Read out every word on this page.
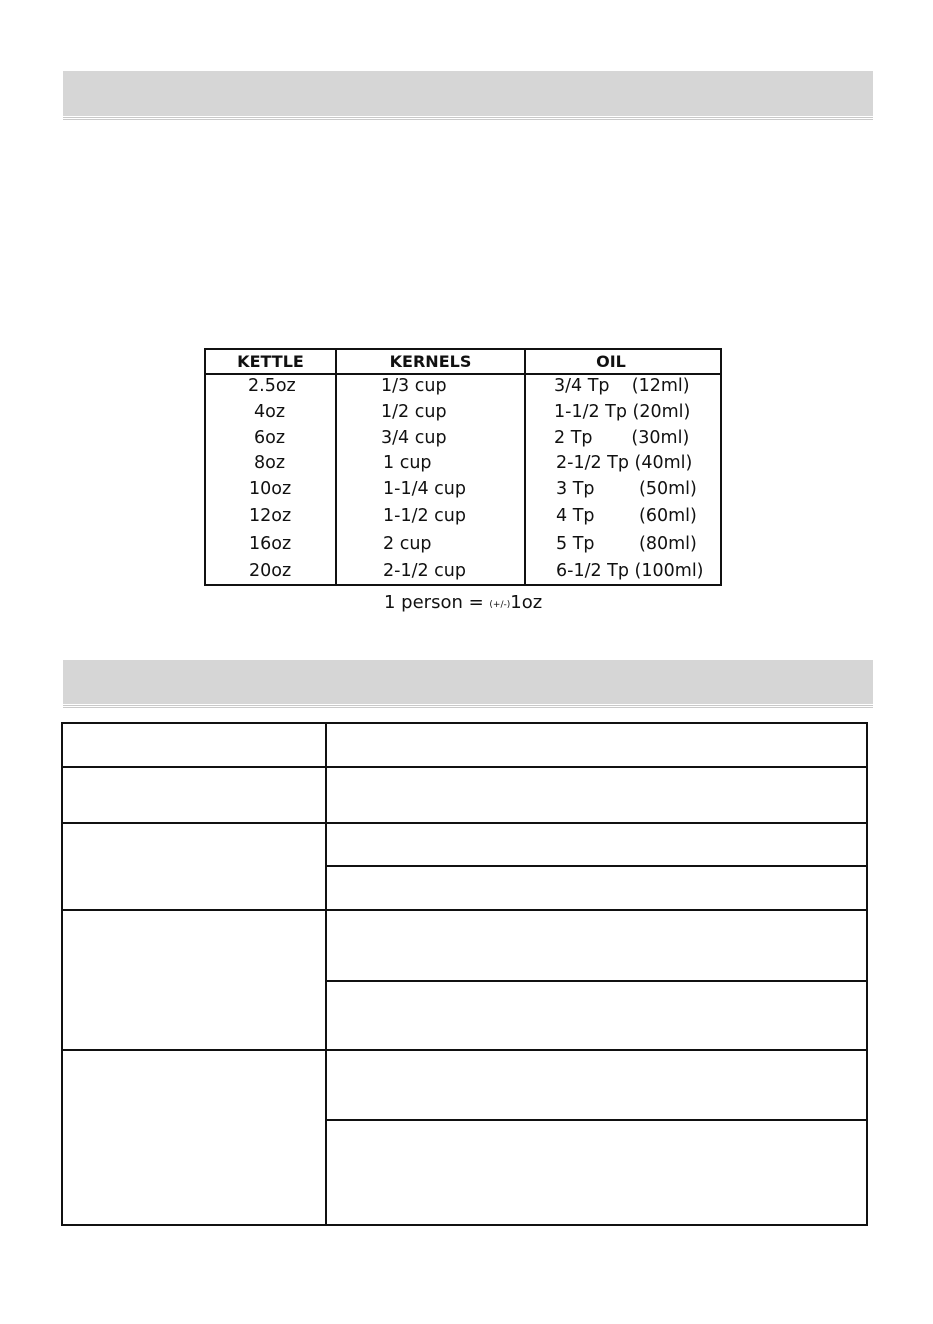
KETTLE	KERNELS	OIL
2.5oz	1/3 cup	3/4 Tp    (12ml)
4oz	1/2 cup	1-1/2 Tp (20ml)
6oz	3/4 cup	2 Tp       (30ml)
8oz	1 cup	2-1/2 Tp (40ml)
10oz	1-1/4 cup	3 Tp        (50ml)
12oz	1-1/2 cup	4 Tp        (60ml)
16oz	2 cup	5 Tp        (80ml)
20oz	2-1/2 cup	6-1/2 Tp (100ml)
1 person = (+/-)1oz
